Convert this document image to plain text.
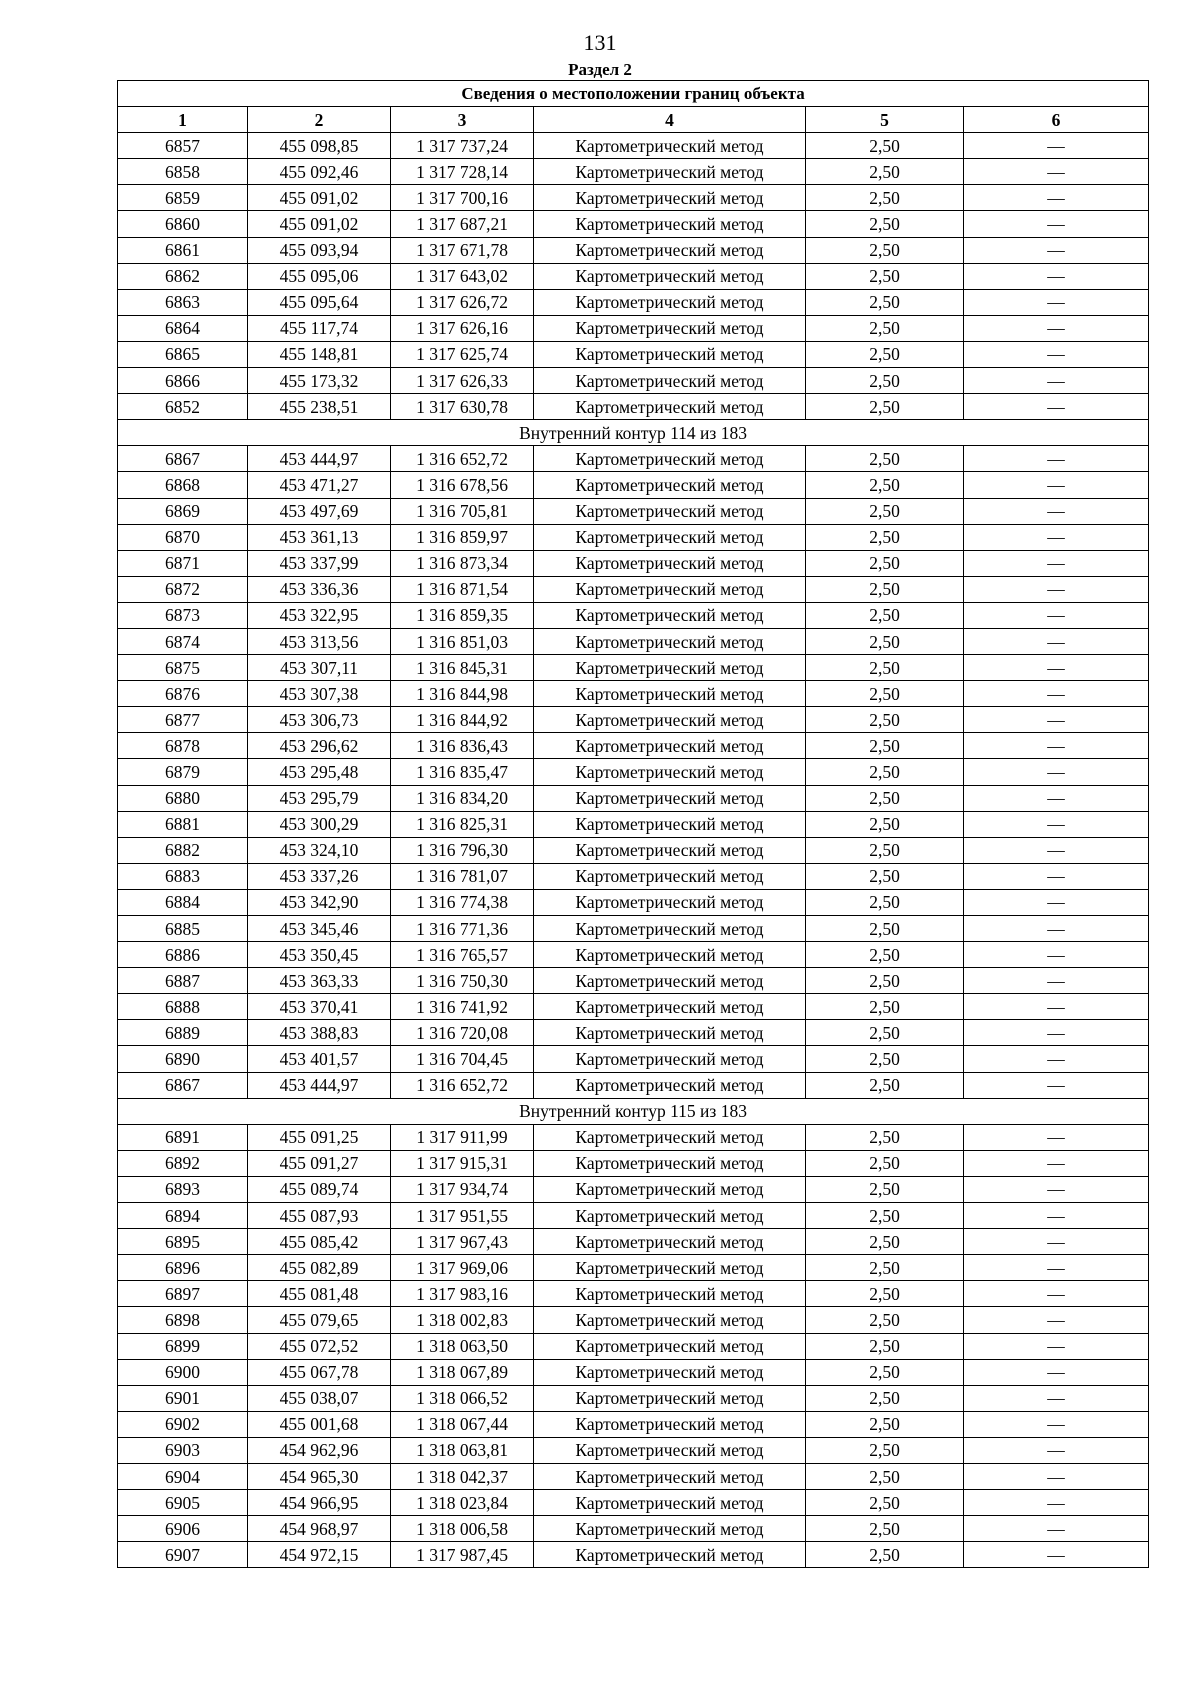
131
Раздел 2
Сведения о местоположении границ объекта					
1	2	3	4	5	6
6857	455 098,85	1 317 737,24	Картометрический метод	2,50	—
6858	455 092,46	1 317 728,14	Картометрический метод	2,50	—
6859	455 091,02	1 317 700,16	Картометрический метод	2,50	—
6860	455 091,02	1 317 687,21	Картометрический метод	2,50	—
6861	455 093,94	1 317 671,78	Картометрический метод	2,50	—
6862	455 095,06	1 317 643,02	Картометрический метод	2,50	—
6863	455 095,64	1 317 626,72	Картометрический метод	2,50	—
6864	455 117,74	1 317 626,16	Картометрический метод	2,50	—
6865	455 148,81	1 317 625,74	Картометрический метод	2,50	—
6866	455 173,32	1 317 626,33	Картометрический метод	2,50	—
6852	455 238,51	1 317 630,78	Картометрический метод	2,50	—
Внутренний контур 114 из 183					
6867	453 444,97	1 316 652,72	Картометрический метод	2,50	—
6868	453 471,27	1 316 678,56	Картометрический метод	2,50	—
6869	453 497,69	1 316 705,81	Картометрический метод	2,50	—
6870	453 361,13	1 316 859,97	Картометрический метод	2,50	—
6871	453 337,99	1 316 873,34	Картометрический метод	2,50	—
6872	453 336,36	1 316 871,54	Картометрический метод	2,50	—
6873	453 322,95	1 316 859,35	Картометрический метод	2,50	—
6874	453 313,56	1 316 851,03	Картометрический метод	2,50	—
6875	453 307,11	1 316 845,31	Картометрический метод	2,50	—
6876	453 307,38	1 316 844,98	Картометрический метод	2,50	—
6877	453 306,73	1 316 844,92	Картометрический метод	2,50	—
6878	453 296,62	1 316 836,43	Картометрический метод	2,50	—
6879	453 295,48	1 316 835,47	Картометрический метод	2,50	—
6880	453 295,79	1 316 834,20	Картометрический метод	2,50	—
6881	453 300,29	1 316 825,31	Картометрический метод	2,50	—
6882	453 324,10	1 316 796,30	Картометрический метод	2,50	—
6883	453 337,26	1 316 781,07	Картометрический метод	2,50	—
6884	453 342,90	1 316 774,38	Картометрический метод	2,50	—
6885	453 345,46	1 316 771,36	Картометрический метод	2,50	—
6886	453 350,45	1 316 765,57	Картометрический метод	2,50	—
6887	453 363,33	1 316 750,30	Картометрический метод	2,50	—
6888	453 370,41	1 316 741,92	Картометрический метод	2,50	—
6889	453 388,83	1 316 720,08	Картометрический метод	2,50	—
6890	453 401,57	1 316 704,45	Картометрический метод	2,50	—
6867	453 444,97	1 316 652,72	Картометрический метод	2,50	—
Внутренний контур 115 из 183					
6891	455 091,25	1 317 911,99	Картометрический метод	2,50	—
6892	455 091,27	1 317 915,31	Картометрический метод	2,50	—
6893	455 089,74	1 317 934,74	Картометрический метод	2,50	—
6894	455 087,93	1 317 951,55	Картометрический метод	2,50	—
6895	455 085,42	1 317 967,43	Картометрический метод	2,50	—
6896	455 082,89	1 317 969,06	Картометрический метод	2,50	—
6897	455 081,48	1 317 983,16	Картометрический метод	2,50	—
6898	455 079,65	1 318 002,83	Картометрический метод	2,50	—
6899	455 072,52	1 318 063,50	Картометрический метод	2,50	—
6900	455 067,78	1 318 067,89	Картометрический метод	2,50	—
6901	455 038,07	1 318 066,52	Картометрический метод	2,50	—
6902	455 001,68	1 318 067,44	Картометрический метод	2,50	—
6903	454 962,96	1 318 063,81	Картометрический метод	2,50	—
6904	454 965,30	1 318 042,37	Картометрический метод	2,50	—
6905	454 966,95	1 318 023,84	Картометрический метод	2,50	—
6906	454 968,97	1 318 006,58	Картометрический метод	2,50	—
6907	454 972,15	1 317 987,45	Картометрический метод	2,50	—
